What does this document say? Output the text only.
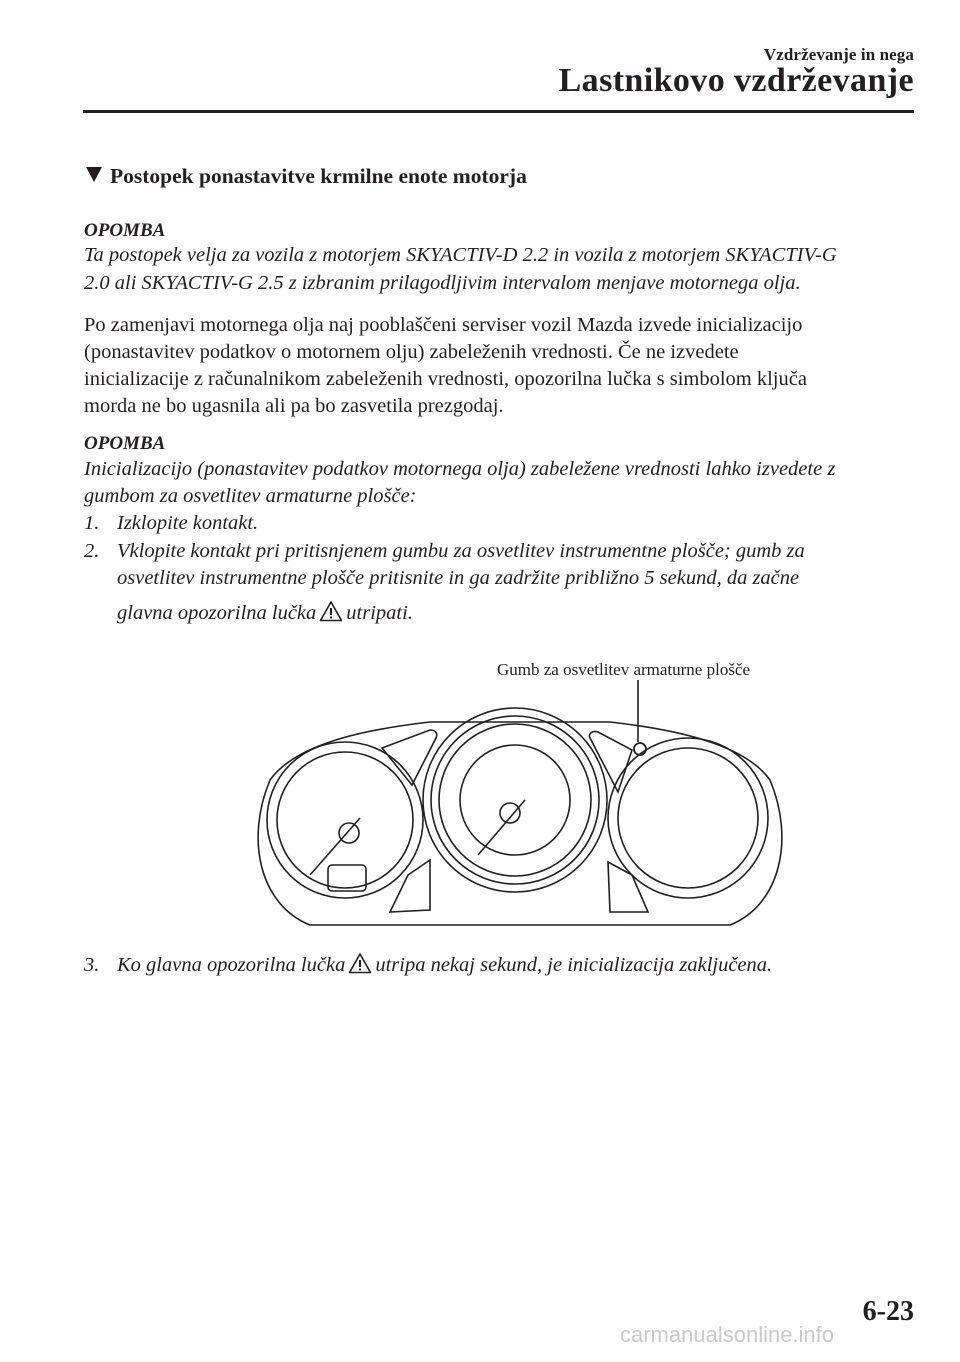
Vzdrževanje in nega
Lastnikovo vzdrževanje
Postopek ponastavitve krmilne enote motorja
OPOMBA
Ta postopek velja za vozila z motorjem SKYACTIV-D 2.2 in vozila z motorjem SKYACTIV-G
2.0 ali SKYACTIV-G 2.5 z izbranim prilagodljivim intervalom menjave motornega olja.
Po zamenjavi motornega olja naj pooblaščeni serviser vozil Mazda izvede inicializacijo
(ponastavitev podatkov o motornem olju) zabeleženih vrednosti. Če ne izvedete
inicializacije z računalnikom zabeleženih vrednosti, opozorilna lučka s simbolom ključa
morda ne bo ugasnila ali pa bo zasvetila prezgodaj.
OPOMBA
Inicializacijo (ponastavitev podatkov motornega olja) zabeležene vrednosti lahko izvedete z
gumbom za osvetlitev armaturne plošče:
1. Izklopite kontakt.
2. Vklopite kontakt pri pritisnjenem gumbu za osvetlitev instrumentne plošče; gumb za
osvetlitev instrumentne plošče pritisnite in ga zadržite približno 5 sekund, da začne
glavna opozorilna lučka utripati.
Gumb za osvetlitev armaturne plošče
3. Ko glavna opozorilna lučka utripa nekaj sekund, je inicializacija zaključena.
6-23
carmanualsonline.info
